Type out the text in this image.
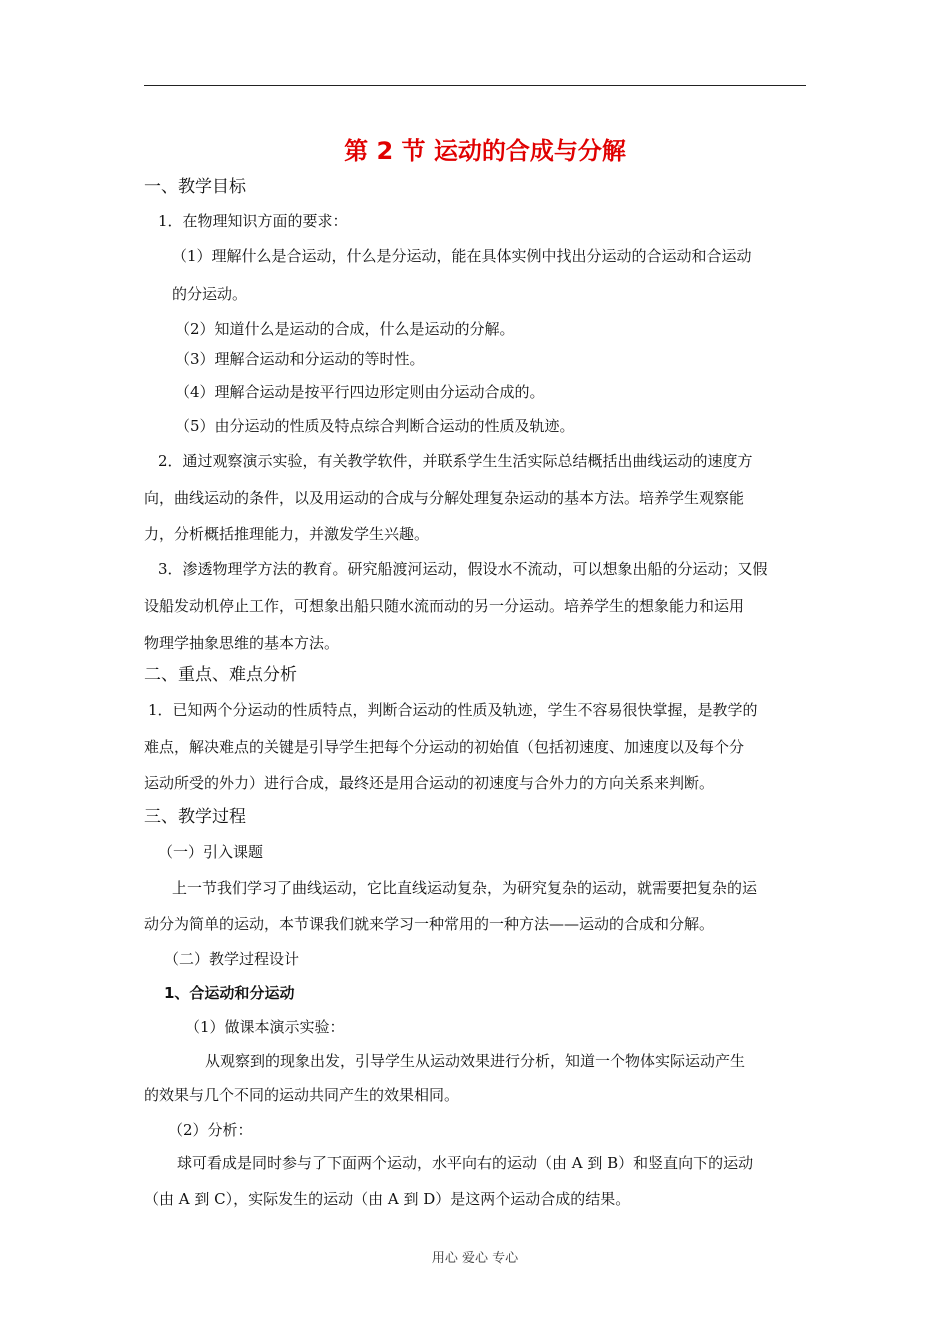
第 2 节 运动的合成与分解
一、教学目标
1．在物理知识方面的要求：
（1）理解什么是合运动，什么是分运动，能在具体实例中找出分运动的合运动和合运动
的分运动。
（2）知道什么是运动的合成，什么是运动的分解。
（3）理解合运动和分运动的等时性。
（4）理解合运动是按平行四边形定则由分运动合成的。
（5）由分运动的性质及特点综合判断合运动的性质及轨迹。
2．通过观察演示实验，有关教学软件，并联系学生生活实际总结概括出曲线运动的速度方
向，曲线运动的条件，以及用运动的合成与分解处理复杂运动的基本方法。培养学生观察能
力，分析概括推理能力，并激发学生兴趣。
3．渗透物理学方法的教育。研究船渡河运动，假设水不流动，可以想象出船的分运动；又假
设船发动机停止工作，可想象出船只随水流而动的另一分运动。培养学生的想象能力和运用
物理学抽象思维的基本方法。
二、重点、难点分析
1．已知两个分运动的性质特点，判断合运动的性质及轨迹，学生不容易很快掌握，是教学的
难点，解决难点的关键是引导学生把每个分运动的初始值（包括初速度、加速度以及每个分
运动所受的外力）进行合成，最终还是用合运动的初速度与合外力的方向关系来判断。
三、教学过程
（一）引入课题
上一节我们学习了曲线运动，它比直线运动复杂，为研究复杂的运动，就需要把复杂的运
动分为简单的运动，本节课我们就来学习一种常用的一种方法——运动的合成和分解。
（二）教学过程设计
1、合运动和分运动
（1）做课本演示实验：
从观察到的现象出发，引导学生从运动效果进行分析，知道一个物体实际运动产生
的效果与几个不同的运动共同产生的效果相同。
（2）分析：
球可看成是同时参与了下面两个运动，水平向右的运动（由 A 到 B）和竖直向下的运动
（由 A 到 C），实际发生的运动（由 A 到 D）是这两个运动合成的结果。
用心 爱心 专心
